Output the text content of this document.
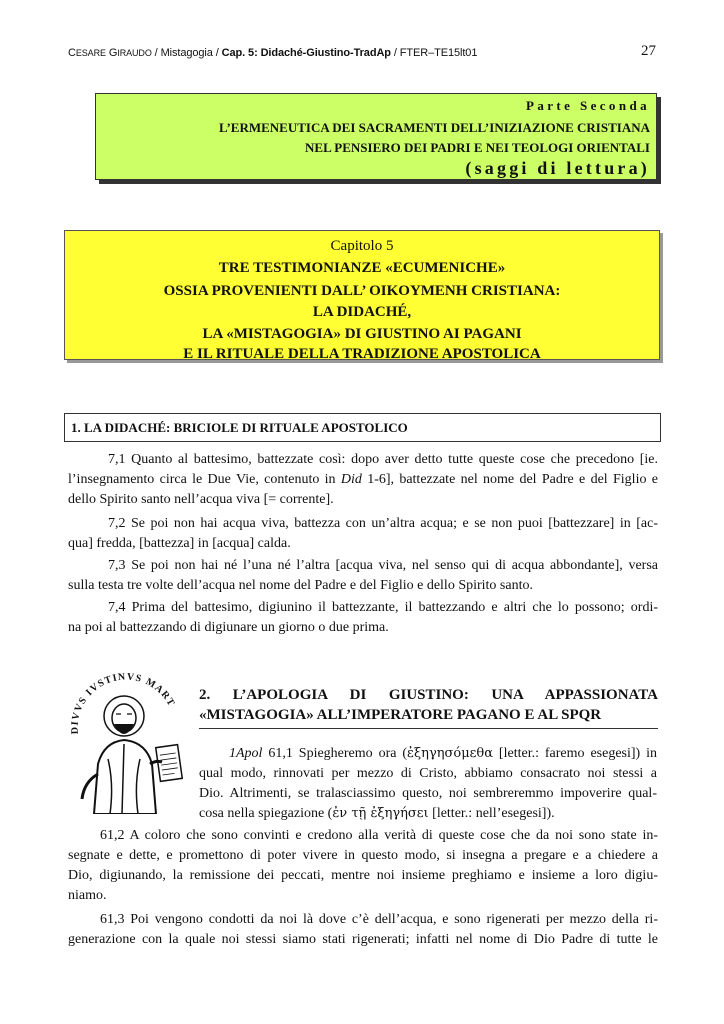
CESARE GIRAUDO / Mistagogia / Cap. 5: Didaché-Giustino-TradAp / FTER–TE15lt01	27
Parte Seconda
L’ERMENEUTICA DEI SACRAMENTI DELL’INIZIAZIONE CRISTIANA
NEL PENSIERO DEI PADRI E NEI TEOLOGI ORIENTALI
(saggi di lettura)
Capitolo 5
TRE TESTIMONIANZE «ECUMENICHE»
OSSIA PROVENIENTI DALL’ OIKOYMENH CRISTIANA:
LA DIDACHÉ,
LA «MISTAGOGIA» DI GIUSTINO AI PAGANI
E IL RITUALE DELLA TRADIZIONE APOSTOLICA
1. LA DIDACHÉ: BRICIOLE DI RITUALE APOSTOLICO
7,1 Quanto al battesimo, battezzate così: dopo aver detto tutte queste cose che precedono [ie.
l’insegnamento circa le Due Vie, contenuto in Did 1-6], battezzate nel nome del Padre e del Figlio e
dello Spirito santo nell’acqua viva [= corrente].
7,2 Se poi non hai acqua viva, battezza con un’altra acqua; e se non puoi [battezzare] in [ac-
qua] fredda, [battezza] in [acqua] calda.
7,3 Se poi non hai né l’una né l’altra [acqua viva, nel senso qui di acqua abbondante], versa
sulla testa tre volte dell’acqua nel nome del Padre e del Figlio e dello Spirito santo.
7,4 Prima del battesimo, digiunino il battezzante, il battezzando e altri che lo possono; ordi-
na poi al battezzando di digiunare un giorno o due prima.
DIVVS IVSTINVS MART 2. L’APOLOGIA DI GIUSTINO: UNA APPASSIONATA
«MISTAGOGIA» ALL’IMPERATORE PAGANO E AL SPQR
1Apol 61,1 Spiegheremo ora (ἐξηγησόμεθα [letter.: faremo esegesi]) in
qual modo, rinnovati per mezzo di Cristo, abbiamo consacrato noi stessi a
Dio. Altrimenti, se tralasciassimo questo, noi sembreremmo impoverire qual-
cosa nella spiegazione (ἐν τῇ ἐξηγήσει [letter.: nell’esegesi]).
61,2 A coloro che sono convinti e credono alla verità di queste cose che da noi sono state in-
segnate e dette, e promettono di poter vivere in questo modo, si insegna a pregare e a chiedere a
Dio, digiunando, la remissione dei peccati, mentre noi insieme preghiamo e insieme a loro digiu-
niamo.
61,3 Poi vengono condotti da noi là dove c’è dell’acqua, e sono rigenerati per mezzo della ri-
generazione con la quale noi stessi siamo stati rigenerati; infatti nel nome di Dio Padre di tutte le
